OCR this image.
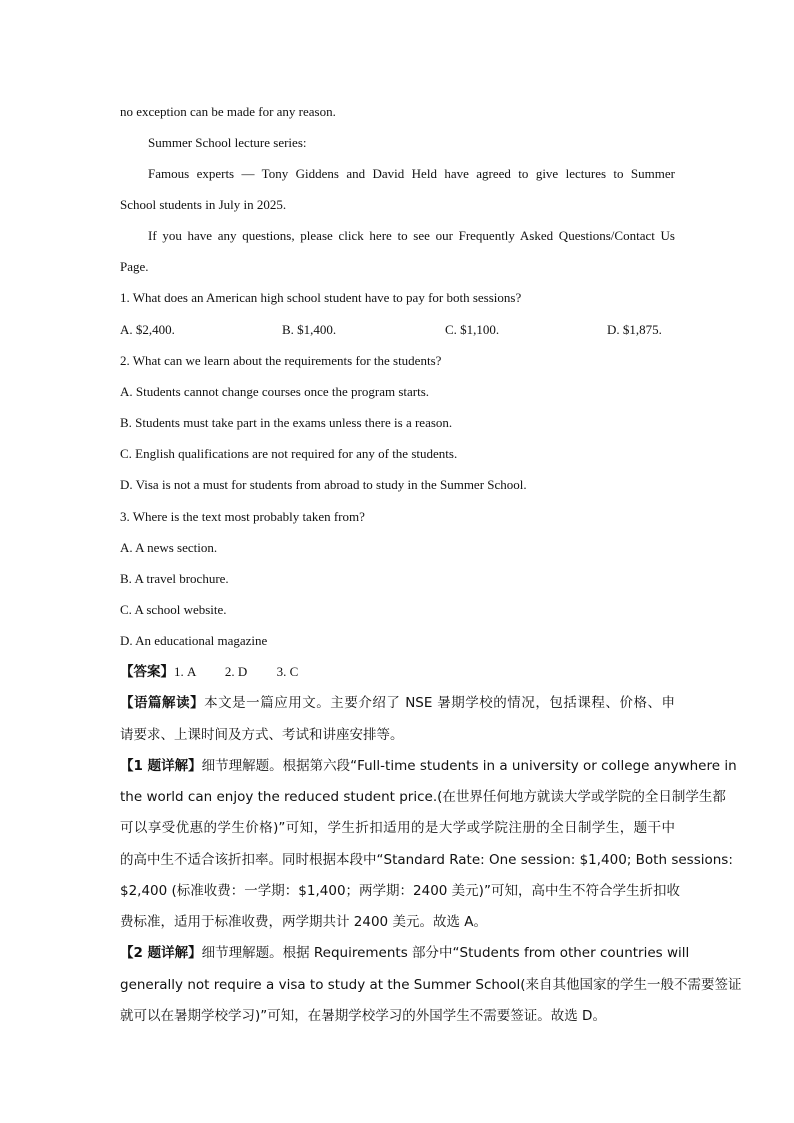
no exception can be made for any reason.
Summer School lecture series:
Famous experts — Tony Giddens and David Held have agreed to give lectures to Summer
School students in July in 2025.
If you have any questions, please click here to see our Frequently Asked Questions/Contact Us
Page.
1. What does an American high school student have to pay for both sessions?
A. $2,400.	B. $1,400.	C. $1,100.	D. $1,875.
2. What can we learn about the requirements for the students?
A. Students cannot change courses once the program starts.
B. Students must take part in the exams unless there is a reason.
C. English qualifications are not required for any of the students.
D. Visa is not a must for students from abroad to study in the Summer School.
3. Where is the text most probably taken from?
A. A news section.
B. A travel brochure.
C. A school website.
D. An educational magazine
【答案】1. A 2. D 3. C
【语篇解读】本文是一篇应用文。主要介绍了 NSE 暑期学校的情况，包括课程、价格、申
请要求、上课时间及方式、考试和讲座安排等。
【1 题详解】细节理解题。根据第六段“Full-time students in a university or college anywhere in
the world can enjoy the reduced student price.(在世界任何地方就读大学或学院的全日制学生都
可以享受优惠的学生价格)”可知，学生折扣适用的是大学或学院注册的全日制学生，题干中
的高中生不适合该折扣率。同时根据本段中“Standard Rate: One session: $1,400; Both sessions:
$2,400 (标准收费：一学期：$1,400；两学期：2400 美元)”可知，高中生不符合学生折扣收
费标准，适用于标准收费，两学期共计 2400 美元。故选 A。
【2 题详解】细节理解题。根据 Requirements 部分中“Students from other countries will
generally not require a visa to study at the Summer School(来自其他国家的学生一般不需要签证
就可以在暑期学校学习)”可知，在暑期学校学习的外国学生不需要签证。故选 D。
